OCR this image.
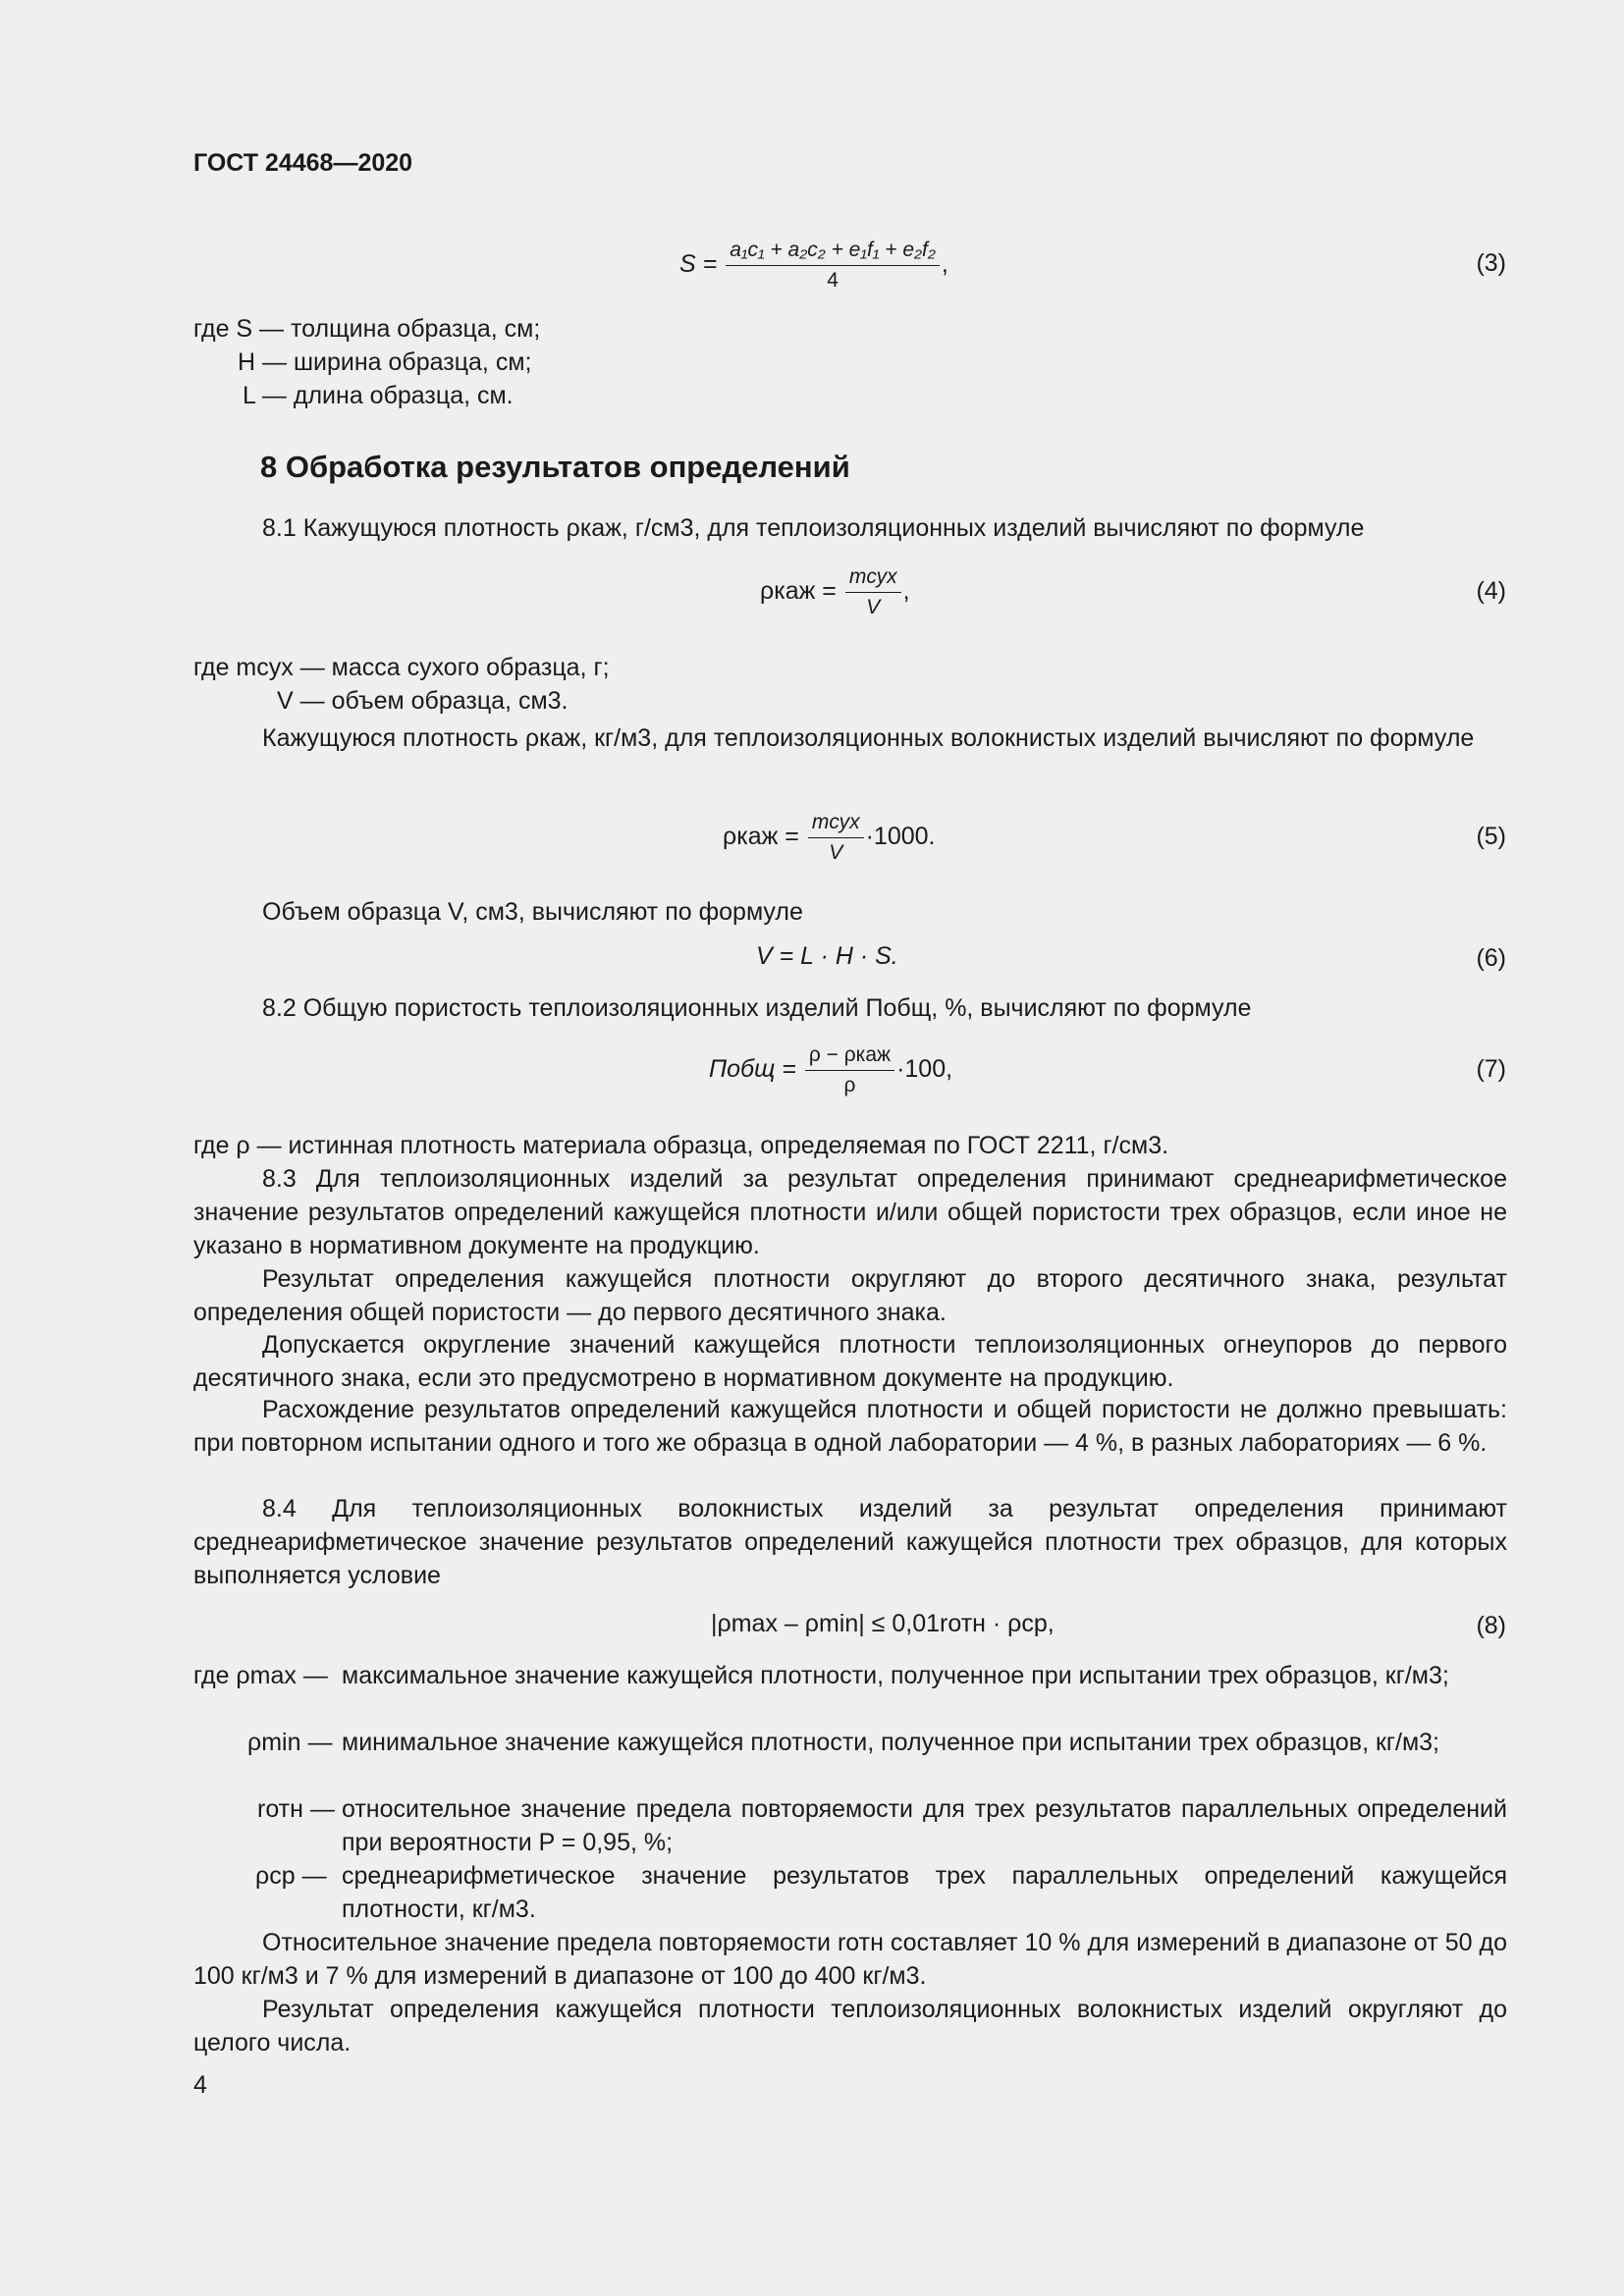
ГОСТ 24468—2020
$S = \frac{\text{a₁c₁ + a₂c₂ + e₁f₁ + e₂f₂}}{4}$ ,	(3)
где S — толщина образца, см;
H — ширина образца, см;
L — длина образца, см.
8 Обработка результатов определений
8.1 Кажущуюся плотность ρкаж, г/см3, для теплоизоляционных изделий вычисляют по формуле
$\rho каж = \frac{\text{mсух}}{V}$ ,	(4)
где mсух — масса сухого образца, г;
V — объем образца, см3.
Кажущуюся плотность ρкаж, кг/м3, для теплоизоляционных волокнистых изделий вычисляют по формуле
$\rho каж = \frac{\text{mсух}}{V} \cdot 1000$.	(5)
Объем образца V, см3, вычисляют по формуле
V = L · H · S.	(6)
8.2 Общую пористость теплоизоляционных изделий Побщ, %, вычисляют по формуле
Побщ = $\frac{\text{ρ − ρкаж}}{\rho} \cdot 100$,	(7)
где ρ — истинная плотность материала образца, определяемая по ГОСТ 2211, г/см3.
8.3 Для теплоизоляционных изделий за результат определения принимают среднеарифметическое значение результатов определений кажущейся плотности и/или общей пористости трех образцов, если иное не указано в нормативном документе на продукцию.
Результат определения кажущейся плотности округляют до второго десятичного знака, результат определения общей пористости — до первого десятичного знака.
Допускается округление значений кажущейся плотности теплоизоляционных огнеупоров до первого десятичного знака, если это предусмотрено в нормативном документе на продукцию.
Расхождение результатов определений кажущейся плотности и общей пористости не должно превышать: при повторном испытании одного и того же образца в одной лаборатории — 4 %, в разных лабораториях — 6 %.
8.4 Для теплоизоляционных волокнистых изделий за результат определения принимают среднеарифметическое значение результатов определений кажущейся плотности трех образцов, для которых выполняется условие
|ρmax – ρmin| ≤ 0,01rотн · ρср,	(8)
где ρmax — максимальное значение кажущейся плотности, полученное при испытании трех образцов, кг/м3;
ρmin — минимальное значение кажущейся плотности, полученное при испытании трех образцов, кг/м3;
rотн — относительное значение предела повторяемости для трех результатов параллельных определений при вероятности P = 0,95, %;
ρср — среднеарифметическое значение результатов трех параллельных определений кажущейся плотности, кг/м3.
Относительное значение предела повторяемости rотн составляет 10 % для измерений в диапазоне от 50 до 100 кг/м3 и 7 % для измерений в диапазоне от 100 до 400 кг/м3.
Результат определения кажущейся плотности теплоизоляционных волокнистых изделий округляют до целого числа.
4
